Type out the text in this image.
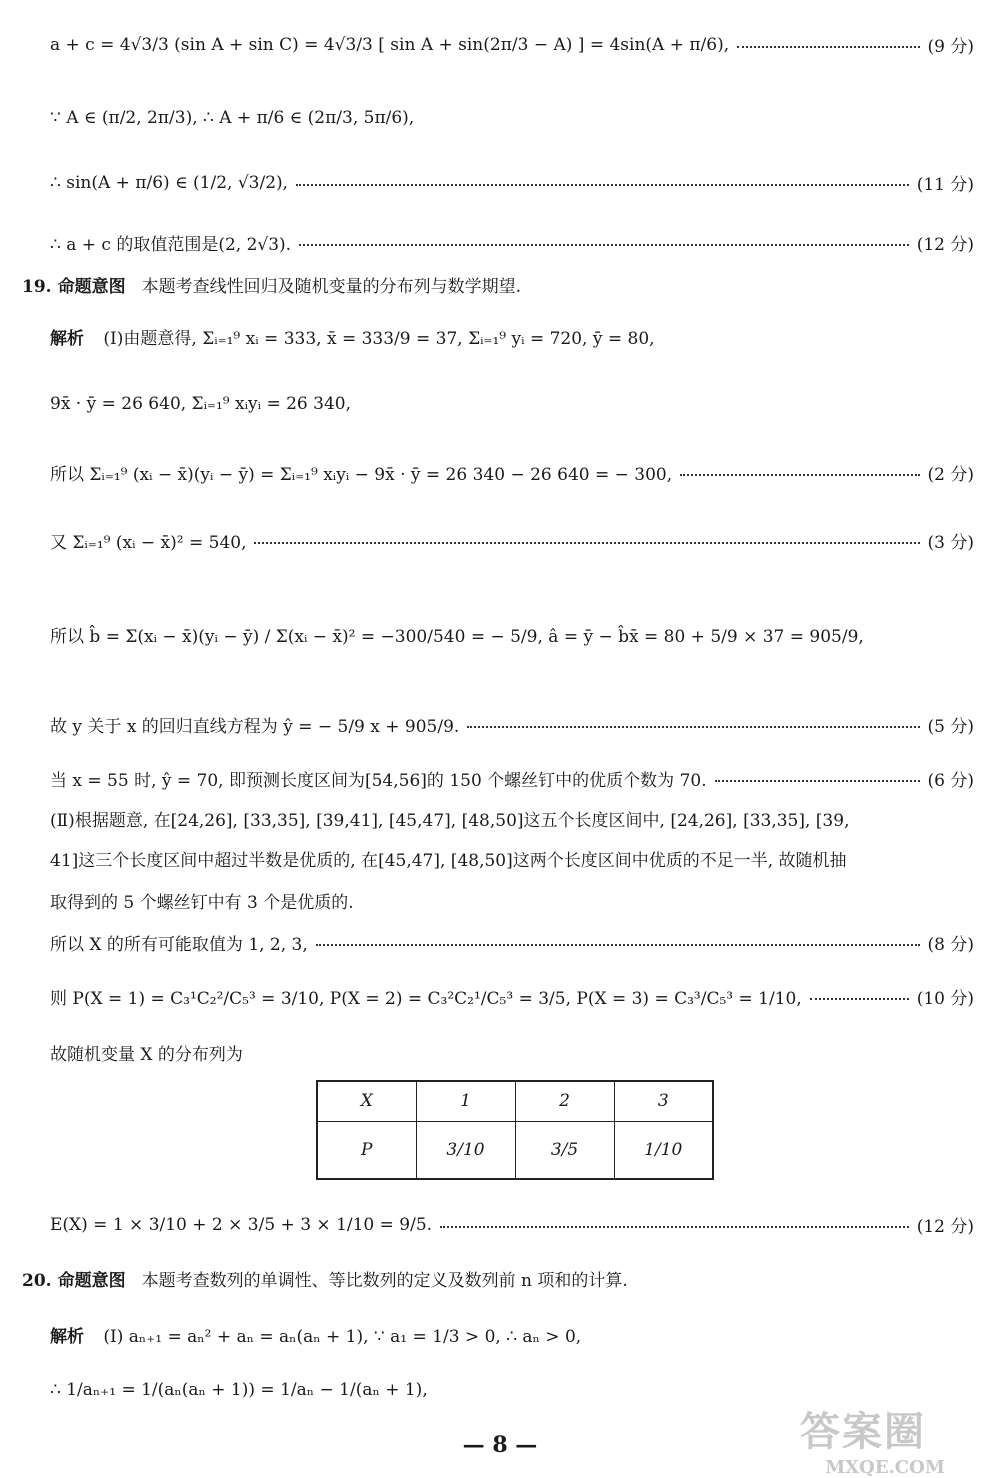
a + c = 4√3/3 (sin A + sin C) = 4√3/3 [ sin A + sin(2π/3 − A) ] = 4sin(A + π/6),	(9 分)
∵ A ∈ (π/2, 2π/3), ∴ A + π/6 ∈ (2π/3, 5π/6),
∴ sin(A + π/6) ∈ (1/2, √3/2),	(11 分)
∴ a + c 的取值范围是(2, 2√3).	(12 分)
19. 命题意图 本题考查线性回归及随机变量的分布列与数学期望.
解析 (Ⅰ)由题意得, Σᵢ₌₁⁹ xᵢ = 333, x̄ = 333/9 = 37, Σᵢ₌₁⁹ yᵢ = 720, ȳ = 80,
9x̄ · ȳ = 26 640, Σᵢ₌₁⁹ xᵢyᵢ = 26 340,
所以 Σᵢ₌₁⁹ (xᵢ − x̄)(yᵢ − ȳ) = Σᵢ₌₁⁹ xᵢyᵢ − 9x̄ · ȳ = 26 340 − 26 640 = − 300,	(2 分)
又 Σᵢ₌₁⁹ (xᵢ − x̄)² = 540,	(3 分)
所以 b̂ = Σ(xᵢ − x̄)(yᵢ − ȳ) / Σ(xᵢ − x̄)² = −300/540 = − 5/9, â = ȳ − b̂x̄ = 80 + 5/9 × 37 = 905/9,
故 y 关于 x 的回归直线方程为 ŷ = − 5/9 x + 905/9.	(5 分)
当 x = 55 时, ŷ = 70, 即预测长度区间为[54,56]的 150 个螺丝钉中的优质个数为 70.	(6 分)
(Ⅱ)根据题意, 在[24,26], [33,35], [39,41], [45,47], [48,50]这五个长度区间中, [24,26], [33,35], [39,
41]这三个长度区间中超过半数是优质的, 在[45,47], [48,50]这两个长度区间中优质的不足一半, 故随机抽
取得到的 5 个螺丝钉中有 3 个是优质的.
所以 X 的所有可能取值为 1, 2, 3,	(8 分)
则 P(X = 1) = C₃¹C₂²/C₅³ = 3/10, P(X = 2) = C₃²C₂¹/C₅³ = 3/5, P(X = 3) = C₃³/C₅³ = 1/10,	(10 分)
故随机变量 X 的分布列为
X	1	2	3
P	3/10	3/5	1/10
E(X) = 1 × 3/10 + 2 × 3/5 + 3 × 1/10 = 9/5.	(12 分)
20. 命题意图 本题考查数列的单调性、等比数列的定义及数列前 n 项和的计算.
解析 (Ⅰ) aₙ₊₁ = aₙ² + aₙ = aₙ(aₙ + 1), ∵ a₁ = 1/3 > 0, ∴ aₙ > 0,
∴ 1/aₙ₊₁ = 1/(aₙ(aₙ + 1)) = 1/aₙ − 1/(aₙ + 1),
— 8 —	答案圈
MXQE.COM
